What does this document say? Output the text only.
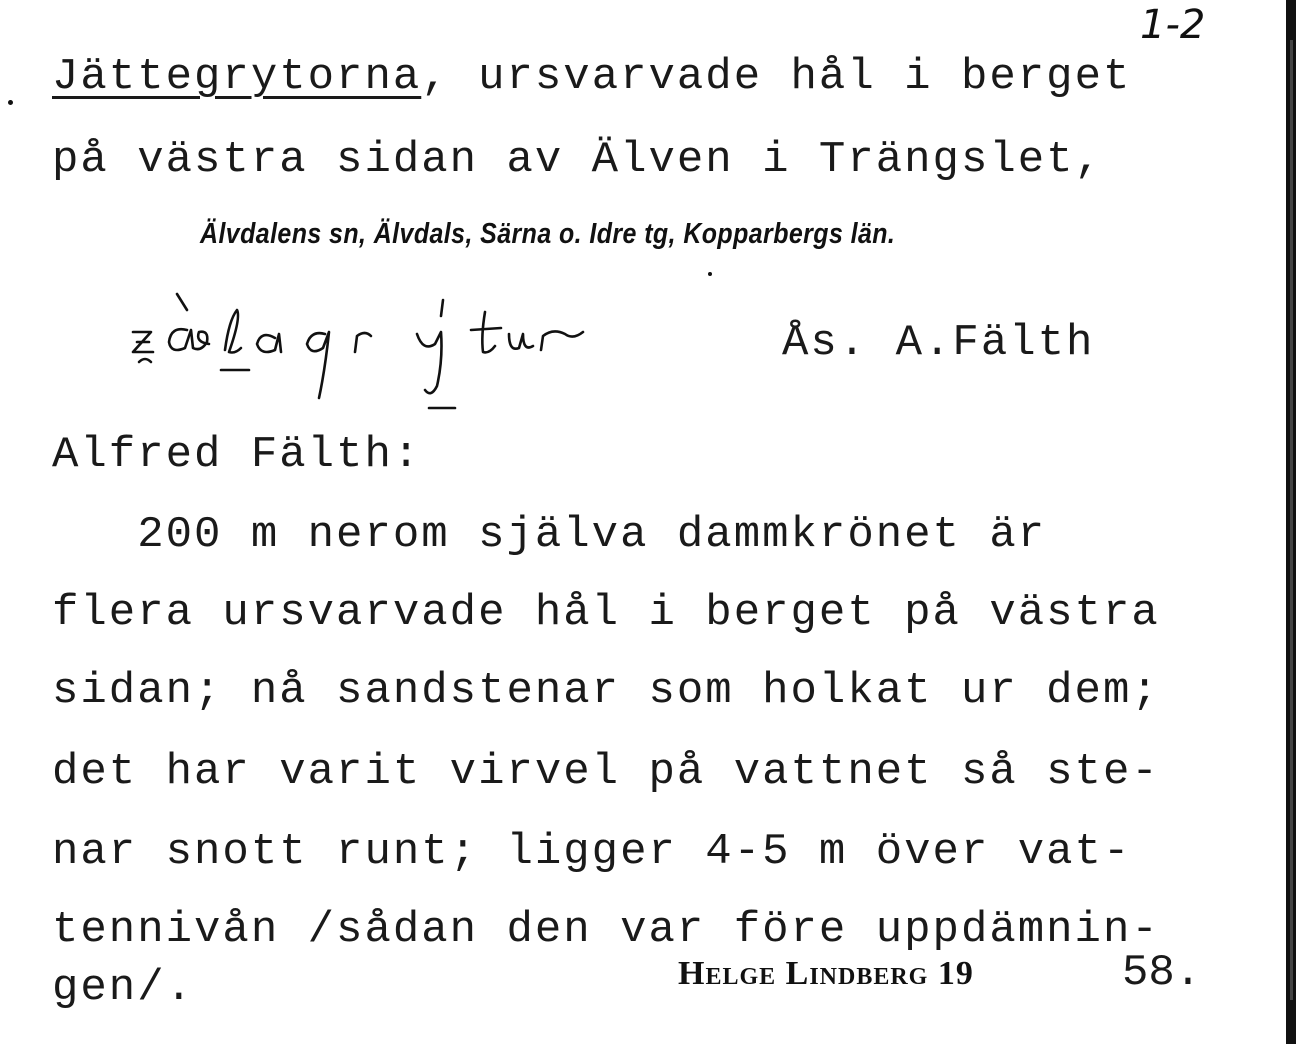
1-2
Jättegrytorna, ursvarvade hål i berget
på västra sidan av Älven i Trängslet,
Älvdalens sn, Älvdals, Särna o. Idre tg, Kopparbergs län.
Ås. A.Fälth
Alfred Fälth:
200 m nerom själva dammkrönet är
flera ursvarvade hål i berget på västra
sidan; nå sandstenar som holkat ur dem;
det har varit virvel på vattnet så ste-
nar snott runt; ligger 4-5 m över vat-
tennivån /sådan den var före uppdämnin-
gen/.	Helge Lindberg 19	58.
